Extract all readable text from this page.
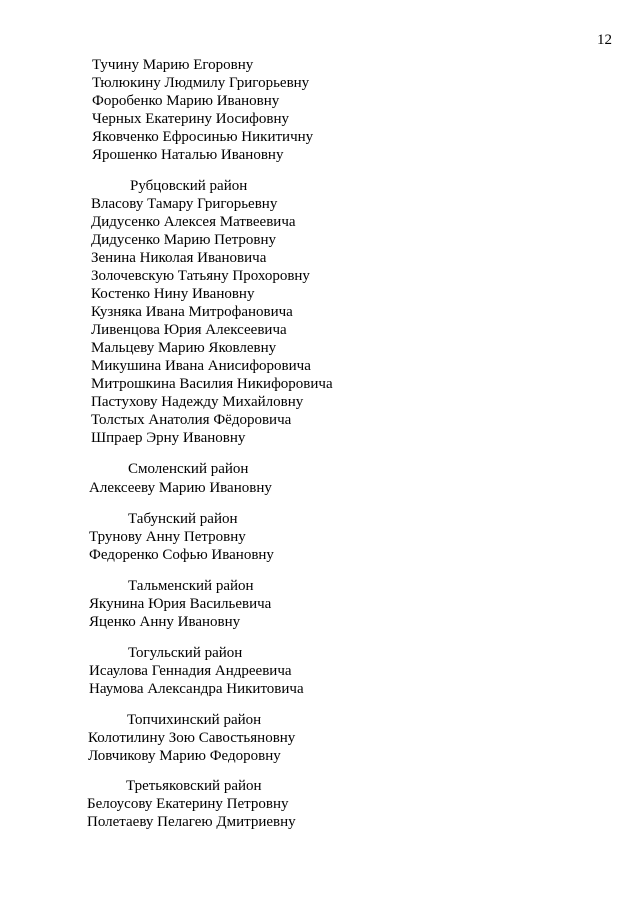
12
Тучину Марию Егоровну
Тюлюкину Людмилу Григорьевну
Форобенко Марию Ивановну
Черных Екатерину Иосифовну
Яковченко Ефросинью Никитичну
Ярошенко Наталью Ивановну
Рубцовский район
Власову Тамару Григорьевну
Дидусенко Алексея Матвеевича
Дидусенко Марию Петровну
Зенина Николая Ивановича
Золочевскую Татьяну Прохоровну
Костенко Нину Ивановну
Кузняка Ивана Митрофановича
Ливенцова Юрия Алексеевича
Мальцеву Марию Яковлевну
Микушина Ивана Анисифоровича
Митрошкина Василия Никифоровича
Пастухову Надежду Михайловну
Толстых Анатолия Фёдоровича
Шпраер Эрну Ивановну
Смоленский район
Алексееву Марию Ивановну
Табунский район
Трунову Анну Петровну
Федоренко Софью Ивановну
Тальменский район
Якунина Юрия Васильевича
Яценко Анну Ивановну
Тогульский район
Исаулова Геннадия Андреевича
Наумова Александра Никитовича
Топчихинский район
Колотилину Зою Савостьяновну
Ловчикову Марию Федоровну
Третьяковский район
Белоусову Екатерину Петровну
Полетаеву Пелагею Дмитриевну
